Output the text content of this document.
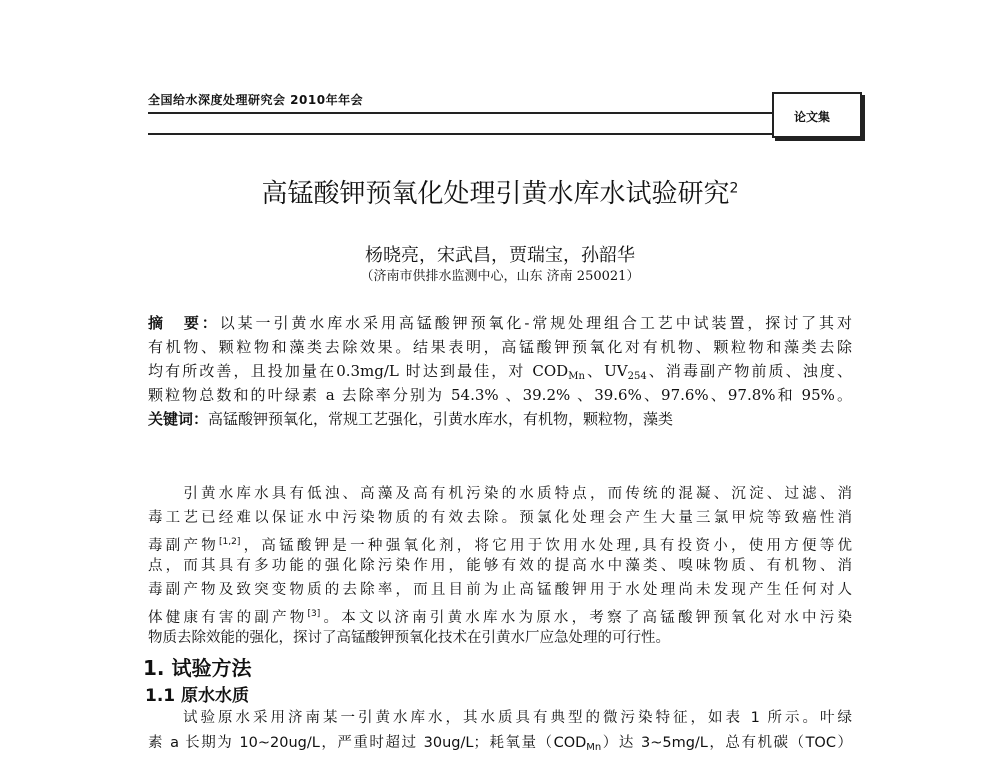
全国给水深度处理研究会 2010年年会
论文集
高锰酸钾预氧化处理引黄水库水试验研究$^2$
杨晓亮，宋武昌，贾瑞宝，孙韶华
（济南市供排水监测中心，山东 济南 250021）
摘　要：以某一引黄水库水采用高锰酸钾预氧化-常规处理组合工艺中试装置，探讨了其对
有机物、颗粒物和藻类去除效果。结果表明，高锰酸钾预氧化对有机物、颗粒物和藻类去除
均有所改善，且投加量在0.3mg/L 时达到最佳，对 $COD_{Mn}$、$UV_{254}$、消毒副产物前质、浊度、
颗粒物总数和的叶绿素 a 去除率分别为 54.3% 、39.2% 、39.6%、97.6%、97.8%和 95%。
关键词：高锰酸钾预氧化，常规工艺强化，引黄水库水，有机物，颗粒物，藻类
　　引黄水库水具有低浊、高藻及高有机污染的水质特点，而传统的混凝、沉淀、过滤、消
毒工艺已经难以保证水中污染物质的有效去除。预氯化处理会产生大量三氯甲烷等致癌性消
毒副产物[1,2]，高锰酸钾是一种强氧化剂，将它用于饮用水处理,具有投资小，使用方便等优
点，而其具有多功能的强化除污染作用，能够有效的提高水中藻类、嗅味物质、有机物、消
毒副产物及致突变物质的去除率，而且目前为止高锰酸钾用于水处理尚未发现产生任何对人
体健康有害的副产物[3]。本文以济南引黄水库水为原水，考察了高锰酸钾预氧化对水中污染
物质去除效能的强化，探讨了高锰酸钾预氧化技术在引黄水厂应急处理的可行性。
1. 试验方法
1.1 原水水质
　　试验原水采用济南某一引黄水库水，其水质具有典型的微污染特征，如表 1 所示。叶绿
素 a 长期为 10~20ug/L，严重时超过 30ug/L；耗氧量$(COD_{Mn})$达 3~5mg/L，总有机碳（TOC）
